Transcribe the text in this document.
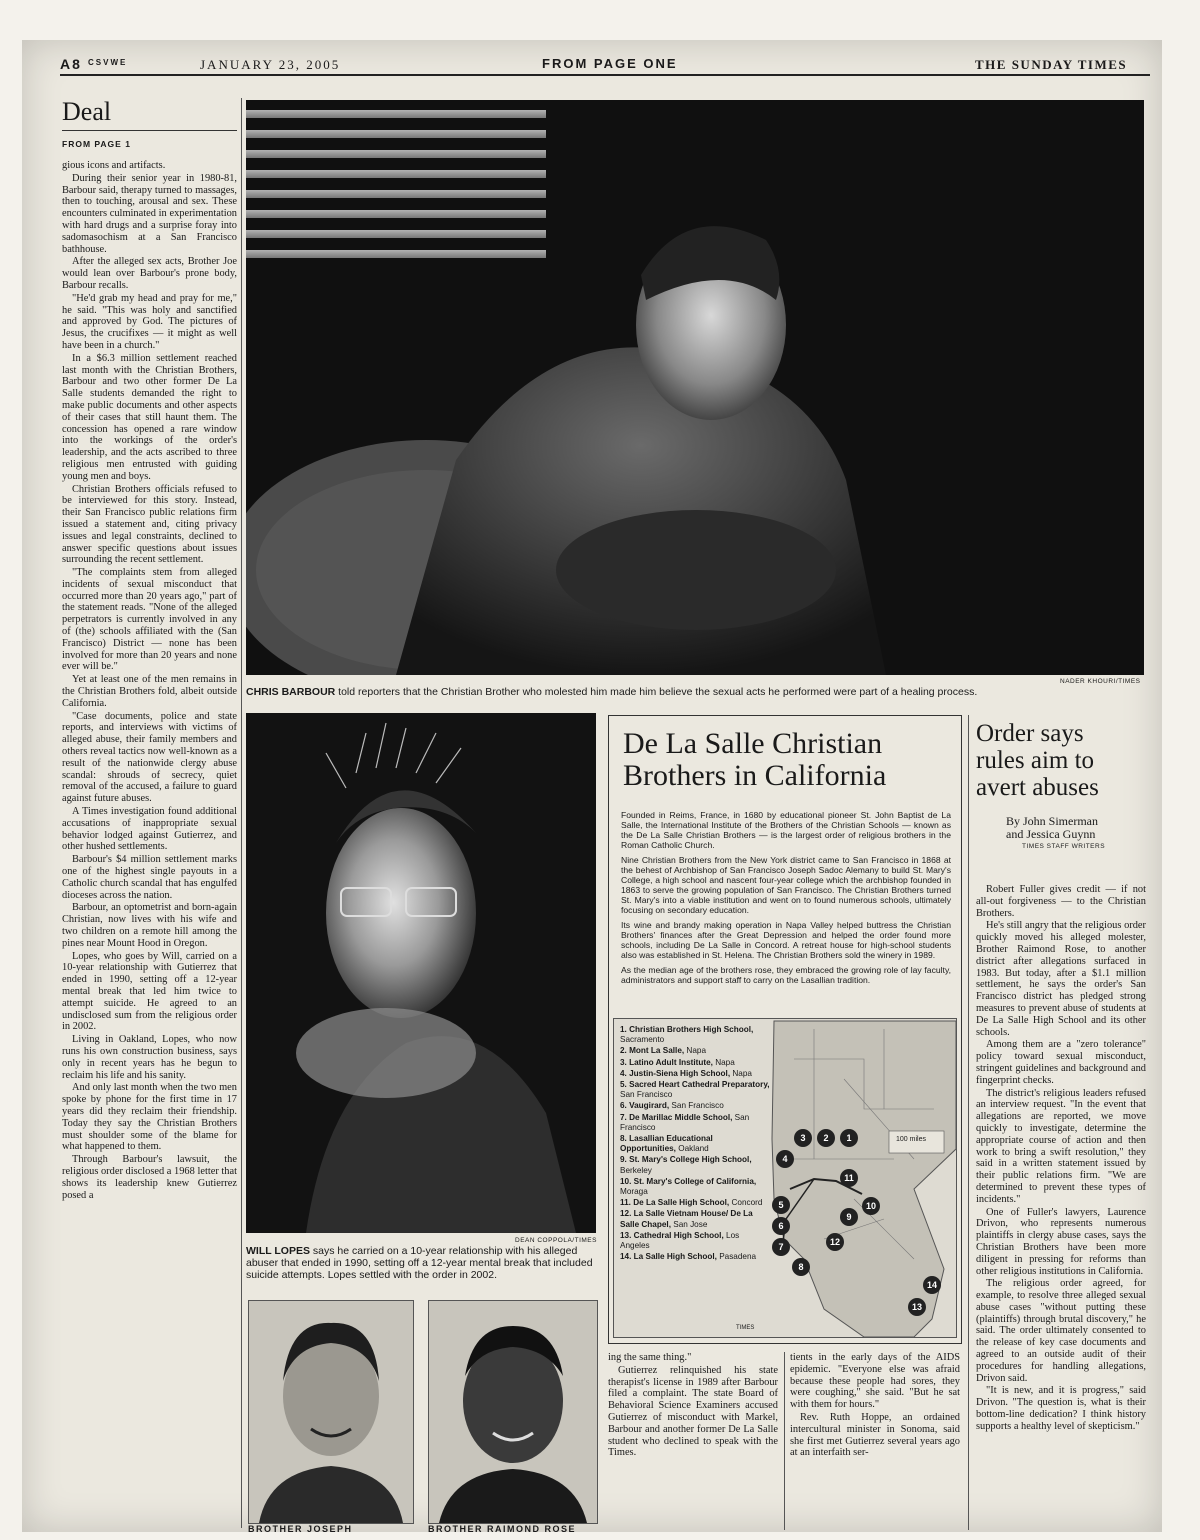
A8 CSVWE	JANUARY 23, 2005	FROM PAGE ONE	THE SUNDAY TIMES
Deal
FROM PAGE 1

gious icons and artifacts.

During their senior year in 1980-81, Barbour said, therapy turned to massages, then to touching, arousal and sex. These encounters culminated in experimentation with hard drugs and a surprise foray into sadomasochism at a San Francisco bathhouse.

After the alleged sex acts, Brother Joe would lean over Barbour's prone body, Barbour recalls.

"He'd grab my head and pray for me," he said. "This was holy and sanctified and approved by God. The pictures of Jesus, the crucifixes — it might as well have been in a church."

In a $6.3 million settlement reached last month with the Christian Brothers, Barbour and two other former De La Salle students demanded the right to make public documents and other aspects of their cases that still haunt them. The concession has opened a rare window into the workings of the order's leadership, and the acts ascribed to three religious men entrusted with guiding young men and boys.

Christian Brothers officials refused to be interviewed for this story. Instead, their San Francisco public relations firm issued a statement and, citing privacy issues and legal constraints, declined to answer specific questions about issues surrounding the recent settlement.

"The complaints stem from alleged incidents of sexual misconduct that occurred more than 20 years ago," part of the statement reads. "None of the alleged perpetrators is currently involved in any of (the) schools affiliated with the (San Francisco) District — none has been involved for more than 20 years and none ever will be."

Yet at least one of the men remains in the Christian Brothers fold, albeit outside California.

"Case documents, police and state reports, and interviews with victims of alleged abuse, their family members and others reveal tactics now well-known as a result of the nationwide clergy abuse scandal: shrouds of secrecy, quiet removal of the accused, a failure to guard against future abuses.

A Times investigation found additional accusations of inappropriate sexual behavior lodged against Gutierrez, and other hushed settlements.

Barbour's $4 million settlement marks one of the highest single payouts in a Catholic church scandal that has engulfed dioceses across the nation.

Barbour, an optometrist and born-again Christian, now lives with his wife and two children on a remote hill among the pines near Mount Hood in Oregon.

Lopes, who goes by Will, carried on a 10-year relationship with Gutierrez that ended in 1990, setting off a 12-year mental break that led him twice to attempt suicide. He agreed to an undisclosed sum from the religious order in 2002.

Living in Oakland, Lopes, who now runs his own construction business, says only in recent years has he begun to reclaim his life and his sanity.

And only last month when the two men spoke by phone for the first time in 17 years did they reclaim their friendship. Today they say the Christian Brothers must shoulder some of the blame for what happened to them.

Through Barbour's lawsuit, the religious order disclosed a 1968 letter that shows its leadership knew Gutierrez posed a

NADER KHOURI/TIMES
CHRIS BARBOUR told reporters that the Christian Brother who molested him made him believe the sexual acts he performed were part of a healing process.
DEAN COPPOLA/TIMES
WILL LOPES says he carried on a 10-year relationship with his alleged abuser that ended in 1990, setting off a 12-year mental break that included suicide attempts. Lopes settled with the order in 2002.
BROTHER JOSEPH	BROTHER RAIMOND ROSE
De La Salle Christian
Brothers in California

Founded in Reims, France, in 1680 by educational pioneer St. John Baptist de La Salle, the International Institute of the Brothers of the Christian Schools — known as the De La Salle Christian Brothers — is the largest order of religious brothers in the Roman Catholic Church.

Nine Christian Brothers from the New York district came to San Francisco in 1868 at the behest of Archbishop of San Francisco Joseph Sadoc Alemany to build St. Mary's College, a high school and nascent four-year college which the archbishop founded in 1863 to serve the growing population of San Francisco. The Christian Brothers turned St. Mary's into a viable institution and went on to found numerous schools, ultimately focusing on secondary education.

Its wine and brandy making operation in Napa Valley helped buttress the Christian Brothers' finances after the Great Depression and helped the order found more schools, including De La Salle in Concord. A retreat house for high-school students also was established in St. Helena. The Christian Brothers sold the winery in 1989.

As the median age of the brothers rose, they embraced the growing role of lay faculty, administrators and support staff to carry on the Lasallian tradition.

100 miles
TIMES
1. Christian Brothers High School, Sacramento
2. Mont La Salle, Napa
3. Latino Adult Institute, Napa
4. Justin-Siena High School, Napa
5. Sacred Heart Cathedral Preparatory, San Francisco
6. Vaugirard, San Francisco
7. De Marillac Middle School, San Francisco
8. Lasallian Educational Opportunities, Oakland
9. St. Mary's College High School, Berkeley
10. St. Mary's College of California, Moraga
11. De La Salle High School, Concord
12. La Salle Vietnam House/ De La Salle Chapel, San Jose
13. Cathedral High School, Los Angeles
14. La Salle High School, Pasadena
1
2
3
4
5
6
7
8
9
10
11
12
13
14
Order says
rules aim to
avert abuses
By John Simerman
and Jessica Guynn
TIMES STAFF WRITERS

Robert Fuller gives credit — if not all-out forgiveness — to the Christian Brothers.

He's still angry that the religious order quickly moved his alleged molester, Brother Raimond Rose, to another district after allegations surfaced in 1983. But today, after a $1.1 million settlement, he says the order's San Francisco district has pledged strong measures to prevent abuse of students at De La Salle High School and its other schools.

Among them are a "zero tolerance" policy toward sexual misconduct, stringent guidelines and background and fingerprint checks.

The district's religious leaders refused an interview request. "In the event that allegations are reported, we move quickly to investigate, determine the appropriate course of action and then work to bring a swift resolution," they said in a written statement issued by their public relations firm. "We are determined to prevent these types of incidents."

One of Fuller's lawyers, Laurence Drivon, who represents numerous plaintiffs in clergy abuse cases, says the Christian Brothers have been more diligent in pressing for reforms than other religious institutions in California.

The religious order agreed, for example, to resolve three alleged sexual abuse cases "without putting these (plaintiffs) through brutal discovery," he said. The order ultimately consented to the release of key case documents and agreed to an outside audit of their procedures for handling allegations, Drivon said.

"It is new, and it is progress," said Drivon. "The question is, what is their bottom-line dedication? I think history supports a healthy level of skepticism."

ing the same thing."

Gutierrez relinquished his state therapist's license in 1989 after Barbour filed a complaint. The state Board of Behavioral Science Examiners accused Gutierrez of misconduct with Markel, Barbour and another former De La Salle student who declined to speak with the Times.

tients in the early days of the AIDS epidemic. "Everyone else was afraid because these people had sores, they were coughing," she said. "But he sat with them for hours."

Rev. Ruth Hoppe, an ordained intercultural minister in Sonoma, said she first met Gutierrez several years ago at an interfaith ser-
